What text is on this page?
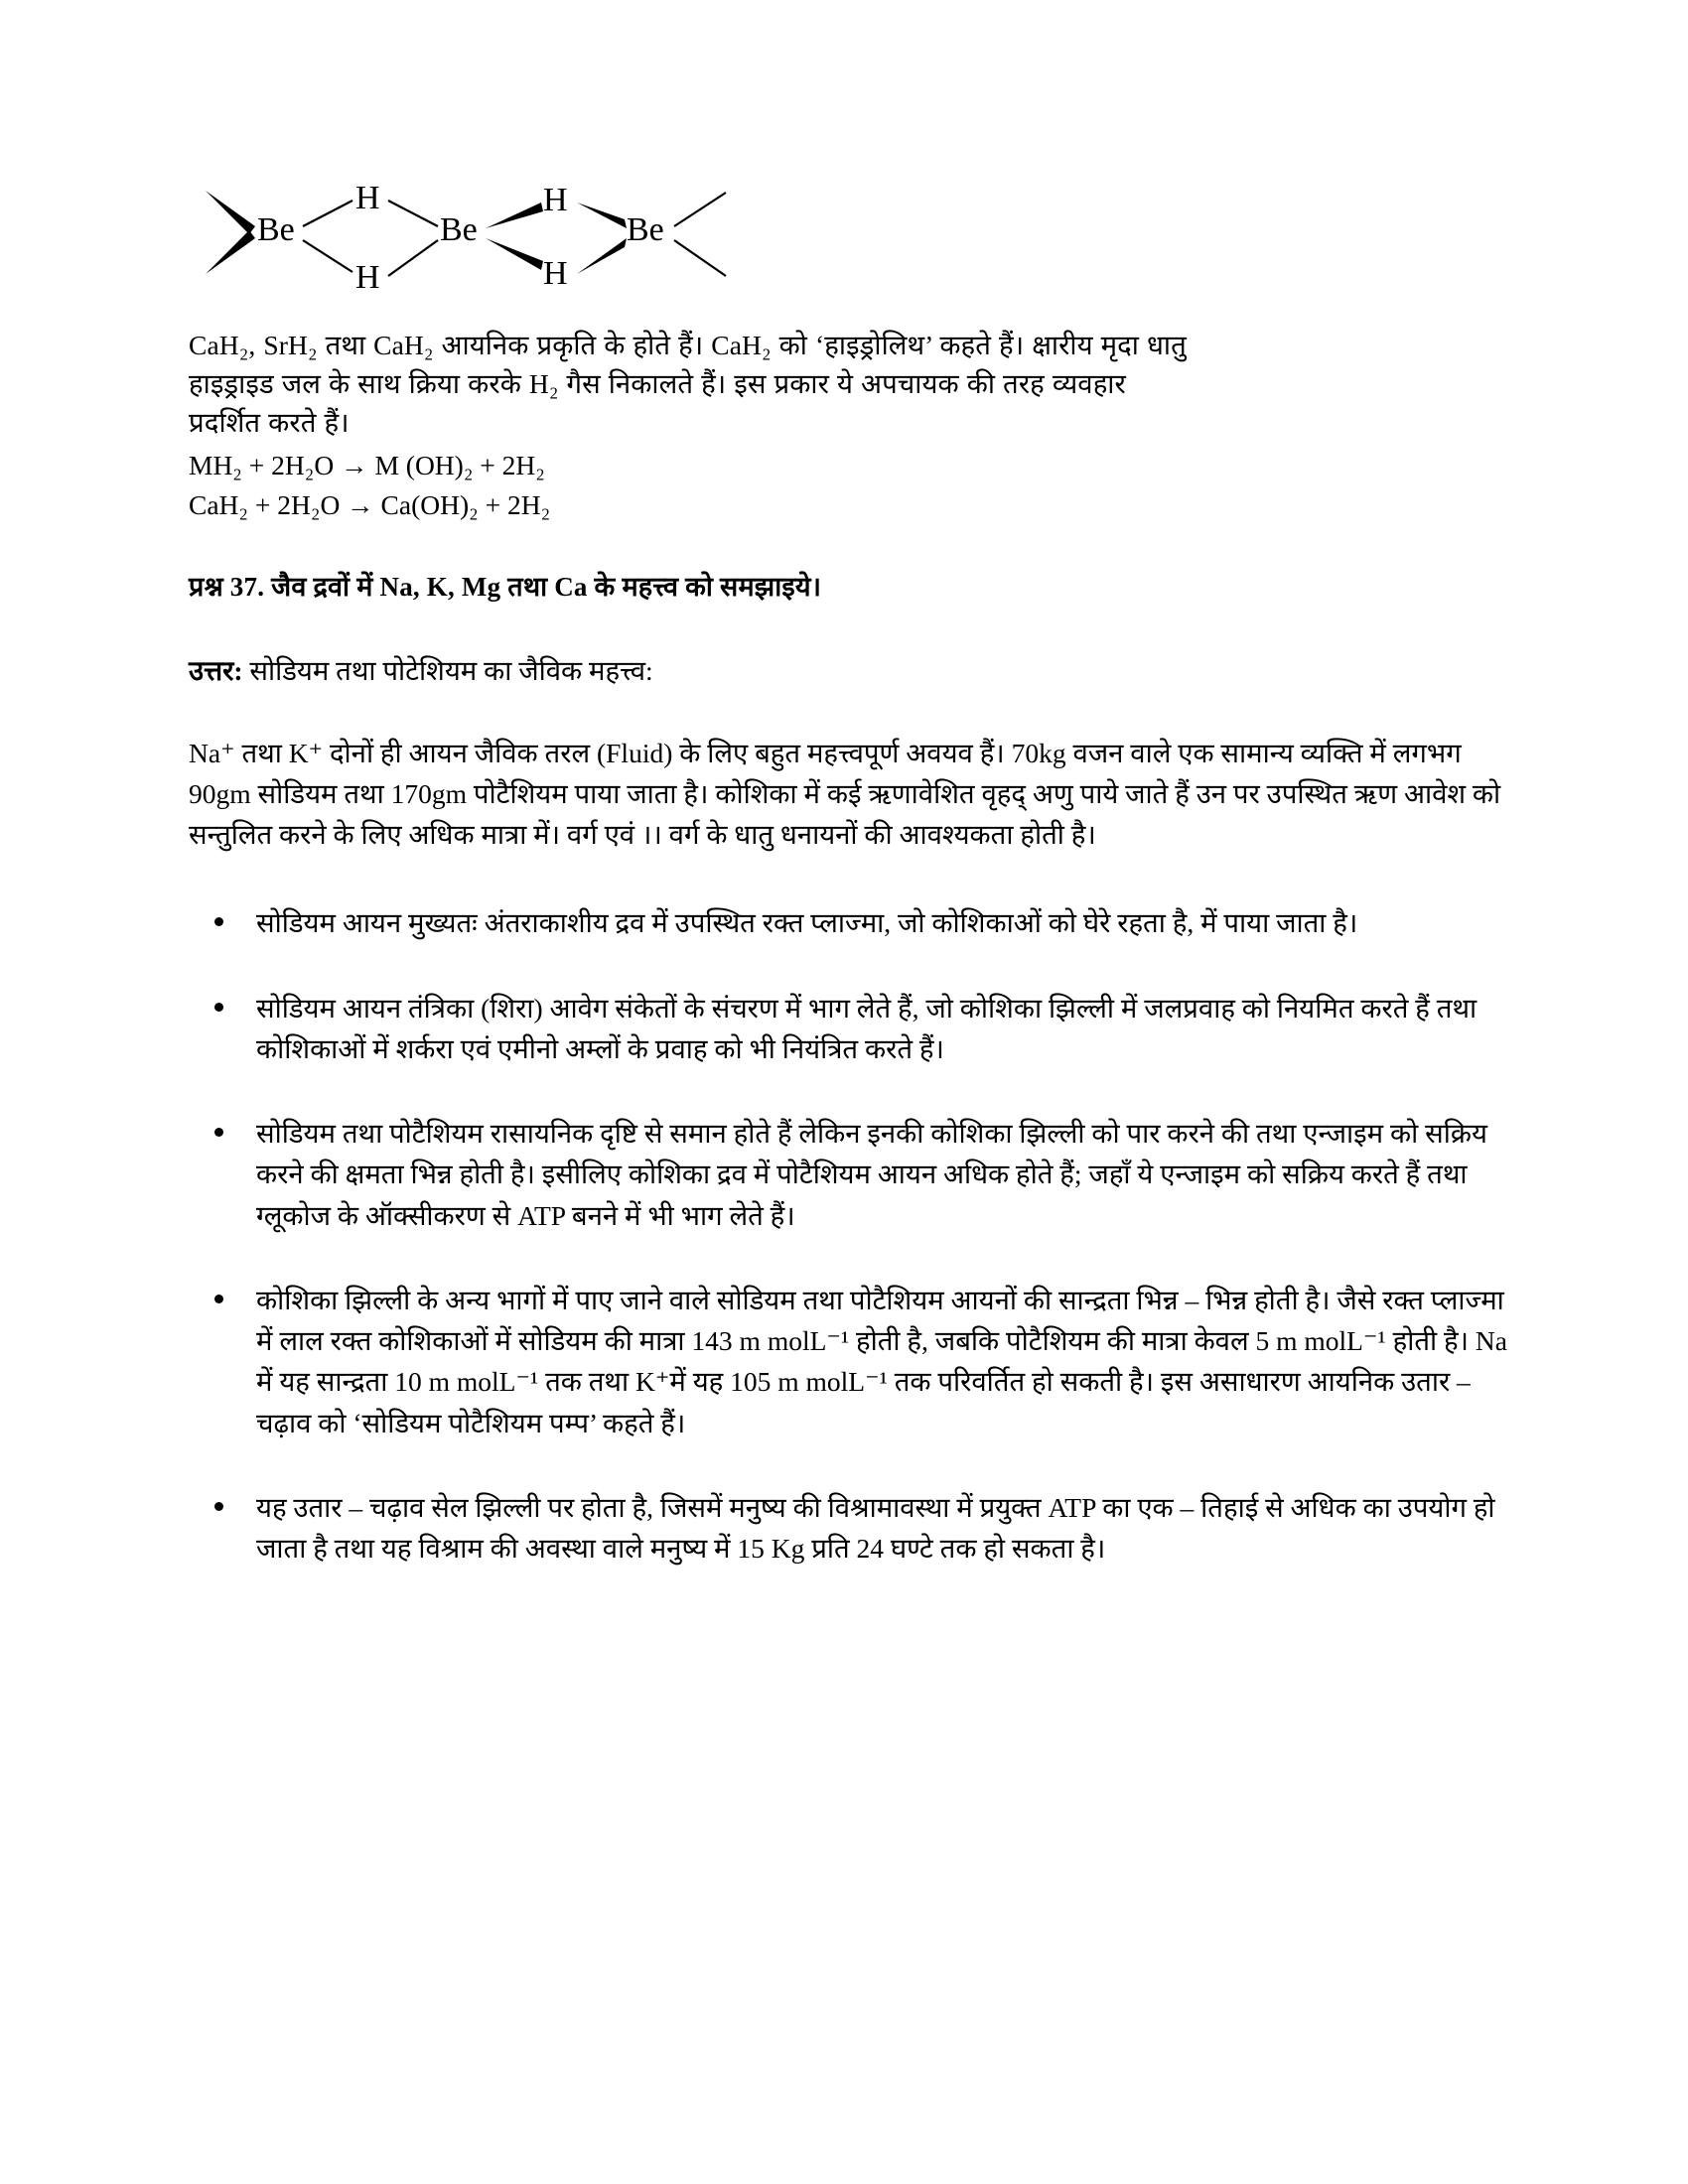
Be
H
H
Be
H
H
Be

CaH₂, SrH₂ तथा CaH₂ आयनिक प्रकृति के होते हैं। CaH₂ को ‘हाइड्रोलिथ’ कहते हैं। क्षारीय मृदा धातु

हाइड्राइड जल के साथ क्रिया करके H₂ गैस निकालते हैं। इस प्रकार ये अपचायक की तरह व्यवहार

प्रदर्शित करते हैं।

MH₂ + 2H₂O → M (OH)₂ + 2H₂

CaH₂ + 2H₂O → Ca(OH)₂ + 2H₂

प्रश्न 37. जैव द्रवों में Na, K, Mg तथा Ca के महत्त्व को समझाइये।

उत्तर: सोडियम तथा पोटेशियम का जैविक महत्त्व:

Na⁺ तथा K⁺ दोनों ही आयन जैविक तरल (Fluid) के लिए बहुत महत्त्वपूर्ण अवयव हैं। 70kg वजन वाले एक सामान्य व्यक्ति में लगभग 90gm सोडियम तथा 170gm पोटैशियम पाया जाता है। कोशिका में कई ऋणावेशित वृहद् अणु पाये जाते हैं उन पर उपस्थित ऋण आवेश को सन्तुलित करने के लिए अधिक मात्रा में। वर्ग एवं ।। वर्ग के धातु धनायनों की आवश्यकता होती है।

सोडियम आयन मुख्यतः अंतराकाशीय द्रव में उपस्थित रक्त प्लाज्मा, जो कोशिकाओं को घेरे रहता है, में पाया जाता है।
सोडियम आयन तंत्रिका (शिरा) आवेग संकेतों के संचरण में भाग लेते हैं, जो कोशिका झिल्ली में जलप्रवाह को नियमित करते हैं तथा कोशिकाओं में शर्करा एवं एमीनो अम्लों के प्रवाह को भी नियंत्रित करते हैं।
सोडियम तथा पोटैशियम रासायनिक दृष्टि से समान होते हैं लेकिन इनकी कोशिका झिल्ली को पार करने की तथा एन्जाइम को सक्रिय करने की क्षमता भिन्न होती है। इसीलिए कोशिका द्रव में पोटैशियम आयन अधिक होते हैं; जहाँ ये एन्जाइम को सक्रिय करते हैं तथा ग्लूकोज के ऑक्सीकरण से ATP बनने में भी भाग लेते हैं।
कोशिका झिल्ली के अन्य भागों में पाए जाने वाले सोडियम तथा पोटैशियम आयनों की सान्द्रता भिन्न – भिन्न होती है। जैसे रक्त प्लाज्मा में लाल रक्त कोशिकाओं में सोडियम की मात्रा 143 m molL⁻¹ होती है, जबकि पोटैशियम की मात्रा केवल 5 m molL⁻¹ होती है। Na में यह सान्द्रता 10 m molL⁻¹ तक तथा K⁺में यह 105 m molL⁻¹ तक परिवर्तित हो सकती है। इस असाधारण आयनिक उतार – चढ़ाव को ‘सोडियम पोटैशियम पम्प’ कहते हैं।
यह उतार – चढ़ाव सेल झिल्ली पर होता है, जिसमें मनुष्य की विश्रामावस्था में प्रयुक्त ATP का एक – तिहाई से अधिक का उपयोग हो जाता है तथा यह विश्राम की अवस्था वाले मनुष्य में 15 Kg प्रति 24 घण्टे तक हो सकता है।
